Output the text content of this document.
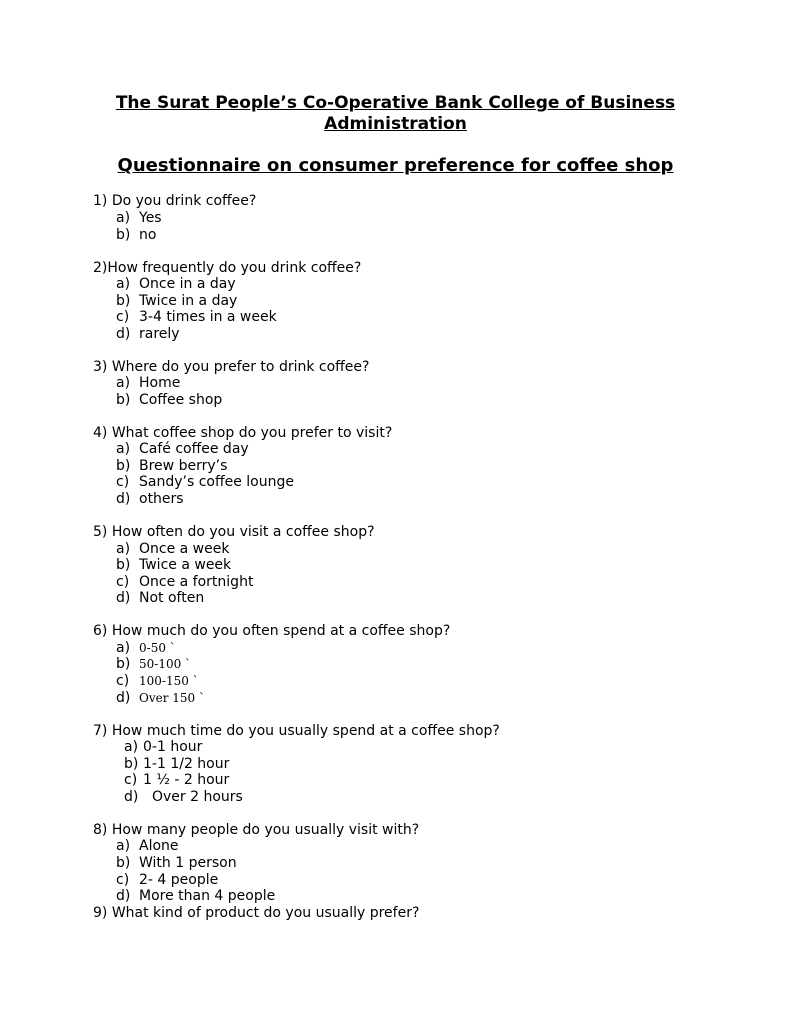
The Surat People’s Co-Operative Bank College of Business Administration
Questionnaire on consumer preference for coffee shop

1) Do you drink coffee?

a) Yes

b) no

2)How frequently do you drink coffee?

a) Once in a day

b) Twice in a day

c) 3-4 times in a week

d) rarely

3) Where do you prefer to drink coffee?

a) Home

b) Coffee shop

4) What coffee shop do you prefer to visit?

a) Café coffee day

b) Brew berry’s

c) Sandy’s coffee lounge

d) others

5) How often do you visit a coffee shop?

a) Once a week

b) Twice a week

c) Once a fortnight

d) Not often

6) How much do you often spend at a coffee shop?

a) 0-50 `

b) 50-100 `

c) 100-150 `

d) Over 150 `

7) How much time do you usually spend at a coffee shop?

a) 0-1 hour

b) 1-1 1/2 hour

c) 1 ½ - 2 hour

d) Over 2 hours

8) How many people do you usually visit with?

a) Alone

b) With 1 person

c) 2- 4 people

d) More than 4 people

9) What kind of product do you usually prefer?
